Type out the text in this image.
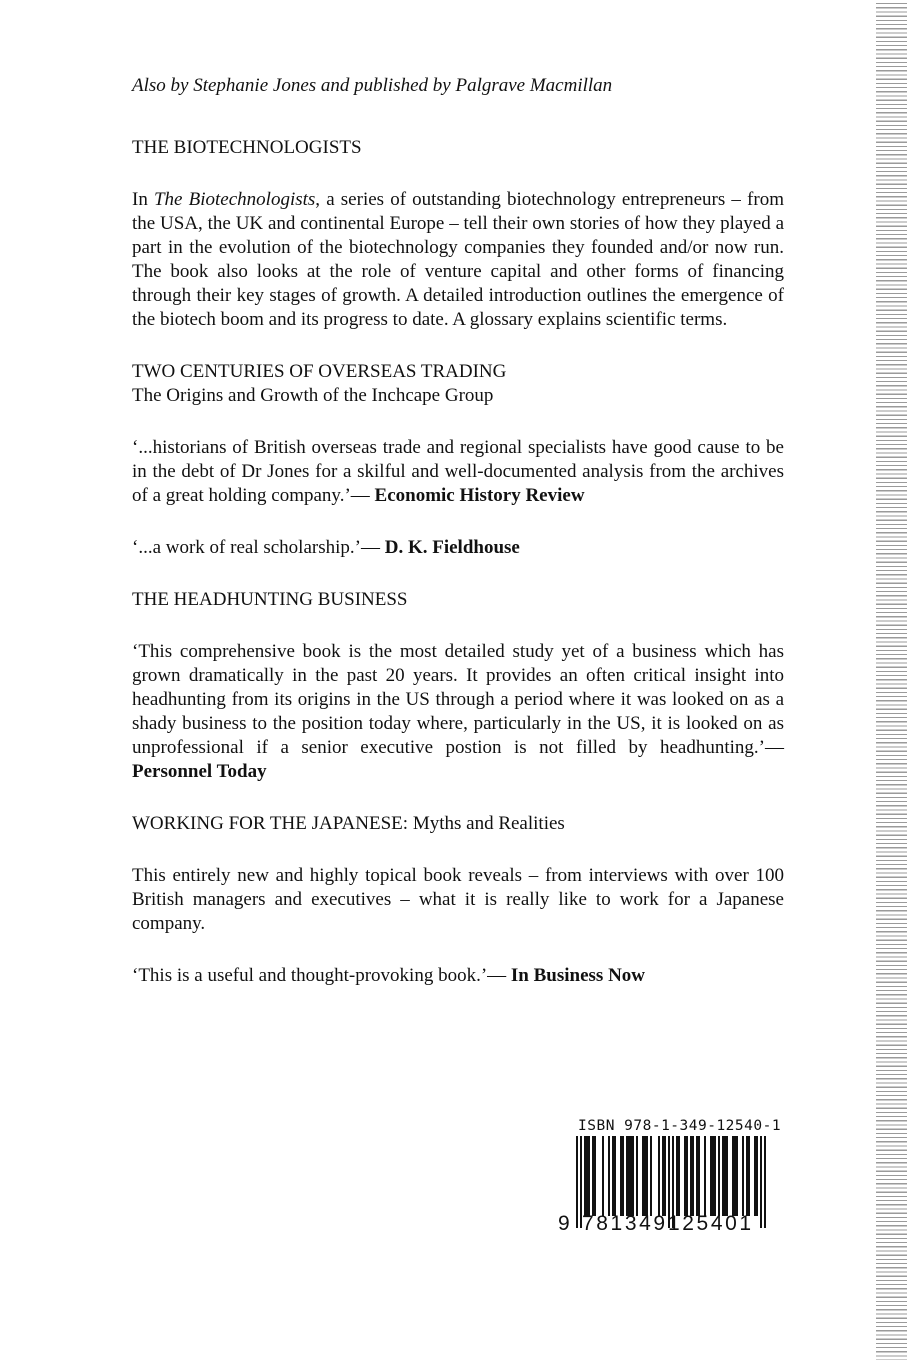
Also by Stephanie Jones and published by Palgrave Macmillan

THE BIOTECHNOLOGISTS

In The Biotechnologists, a series of outstanding biotechnology entrepreneurs – from the USA, the UK and continental Europe – tell their own stories of how they played a part in the evolution of the biotechnology companies they founded and/or now run. The book also looks at the role of venture capital and other forms of financing through their key stages of growth. A detailed introduction outlines the emergence of the biotech boom and its progress to date. A glossary explains scientific terms.

TWO CENTURIES OF OVERSEAS TRADING

The Origins and Growth of the Inchcape Group

‘...historians of British overseas trade and regional specialists have good cause to be in the debt of Dr Jones for a skilful and well-documented analysis from the archives of a great holding company.’— Economic History Review

‘...a work of real scholarship.’— D. K. Fieldhouse

THE HEADHUNTING BUSINESS

‘This comprehensive book is the most detailed study yet of a business which has grown dramatically in the past 20 years. It provides an often critical insight into headhunting from its origins in the US through a period where it was looked on as a shady business to the position today where, particularly in the US, it is looked on as unprofessional if a senior executive postion is not filled by headhunting.’— Personnel Today

WORKING FOR THE JAPANESE: Myths and Realities

This entirely new and highly topical book reveals – from interviews with over 100 British managers and executives – what it is really like to work for a Japanese company.

‘This is a useful and thought-provoking book.’— In Business Now

ISBN 978-1-349-12540-1
9 781349 125401
